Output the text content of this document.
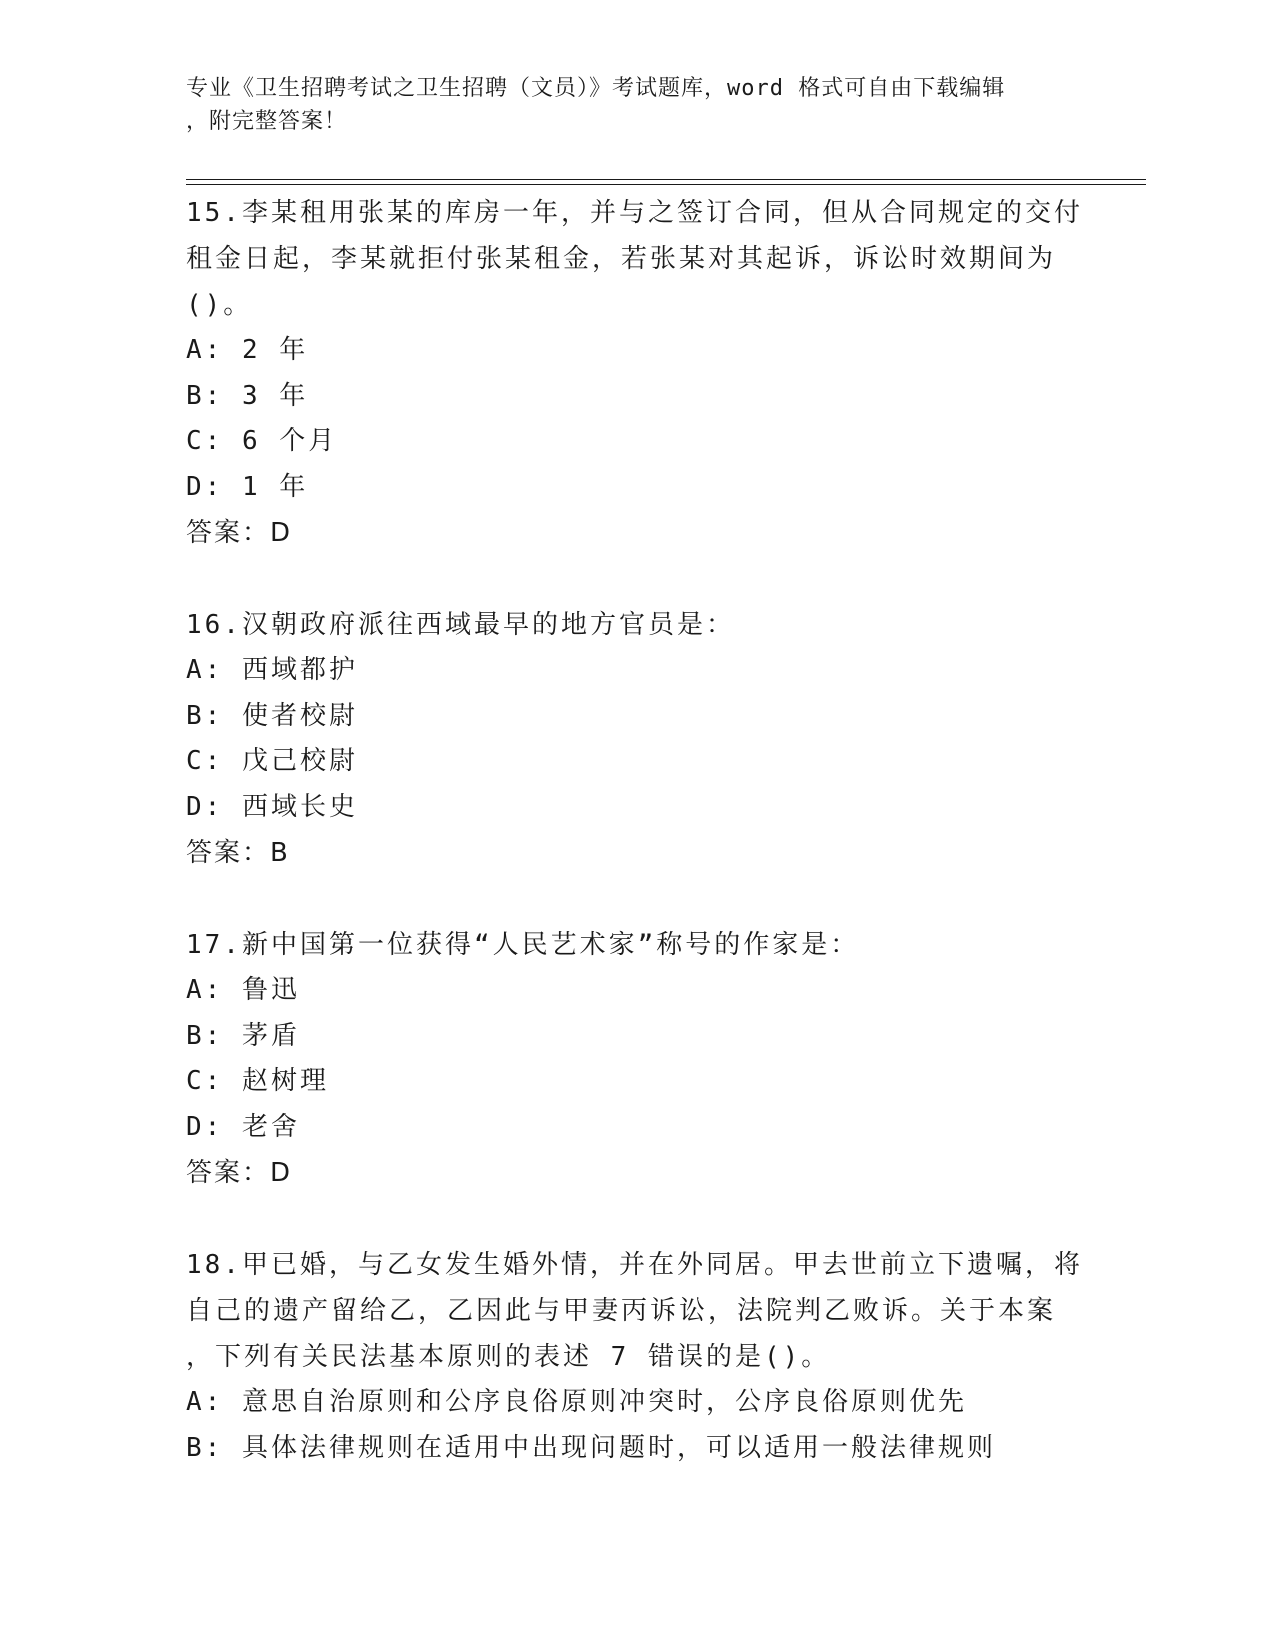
专业《卫生招聘考试之卫生招聘（文员）》考试题库，word 格式可自由下载编辑
，附完整答案！

15.李某租用张某的库房一年，并与之签订合同，但从合同规定的交付

租金日起，李某就拒付张某租金，若张某对其起诉，诉讼时效期间为

()。

A: 2 年

B: 3 年

C: 6 个月

D: 1 年

答案：D

16.汉朝政府派往西域最早的地方官员是：

A: 西域都护

B: 使者校尉

C: 戊己校尉

D: 西域长史

答案：B

17.新中国第一位获得“人民艺术家”称号的作家是：

A: 鲁迅

B: 茅盾

C: 赵树理

D: 老舍

答案：D

18.甲已婚，与乙女发生婚外情，并在外同居。甲去世前立下遗嘱，将

自己的遗产留给乙，乙因此与甲妻丙诉讼，法院判乙败诉。关于本案

，下列有关民法基本原则的表述 7 错误的是()。

A: 意思自治原则和公序良俗原则冲突时，公序良俗原则优先

B: 具体法律规则在适用中出现问题时，可以适用一般法律规则
